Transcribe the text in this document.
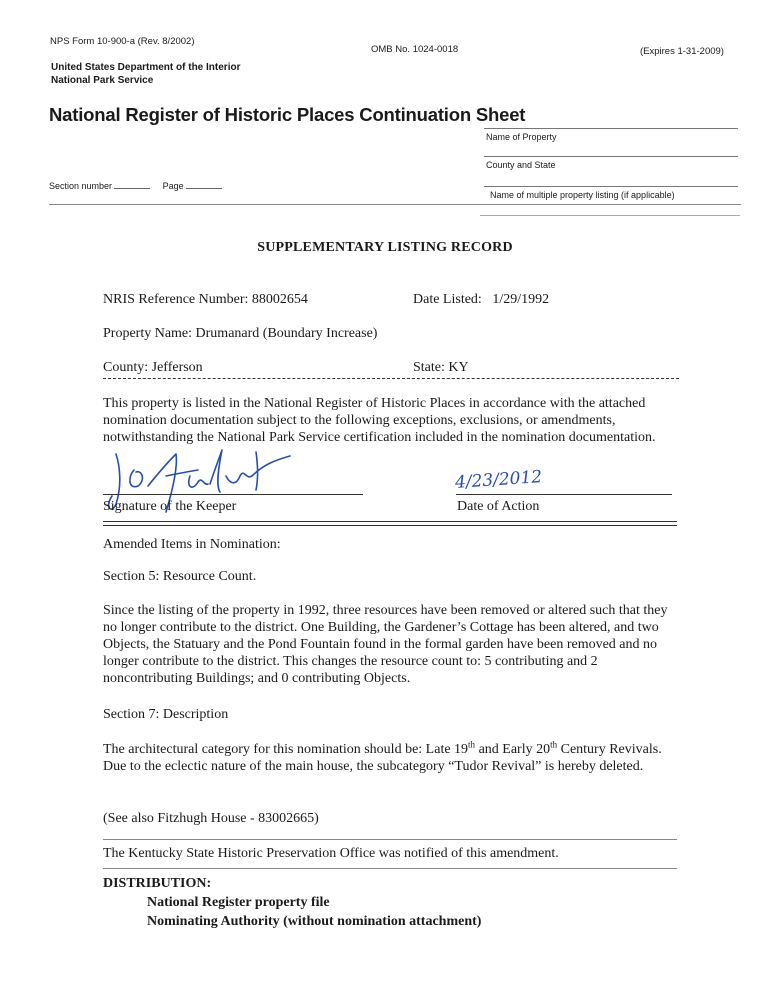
NPS Form 10-900-a (Rev. 8/2002)
OMB No. 1024-0018	(Expires 1-31-2009)
United States Department of the Interior
National Park Service
National Register of Historic Places Continuation Sheet
Name of Property
County and State
Name of multiple property listing (if applicable)
Section number	Page
SUPPLEMENTARY LISTING RECORD
NRIS Reference Number: 88002654	Date Listed: 1/29/1992
Property Name: Drumanard (Boundary Increase)
County: Jefferson	State: KY
This property is listed in the National Register of Historic Places in accordance with the attached nomination documentation subject to the following exceptions, exclusions, or amendments, notwithstanding the National Park Service certification included in the nomination documentation.
Signature of the Keeper
4/23/2012
Date of Action
Amended Items in Nomination:
Section 5: Resource Count.
Since the listing of the property in 1992, three resources have been removed or altered such that they no longer contribute to the district. One Building, the Gardener’s Cottage has been altered, and two Objects, the Statuary and the Pond Fountain found in the formal garden have been removed and no longer contribute to the district. This changes the resource count to: 5 contributing and 2 noncontributing Buildings; and 0 contributing Objects.
Section 7: Description
The architectural category for this nomination should be: Late 19th and Early 20th Century Revivals. Due to the eclectic nature of the main house, the subcategory “Tudor Revival” is hereby deleted.
(See also Fitzhugh House - 83002665)
The Kentucky State Historic Preservation Office was notified of this amendment.
DISTRIBUTION:
National Register property file
Nominating Authority (without nomination attachment)
